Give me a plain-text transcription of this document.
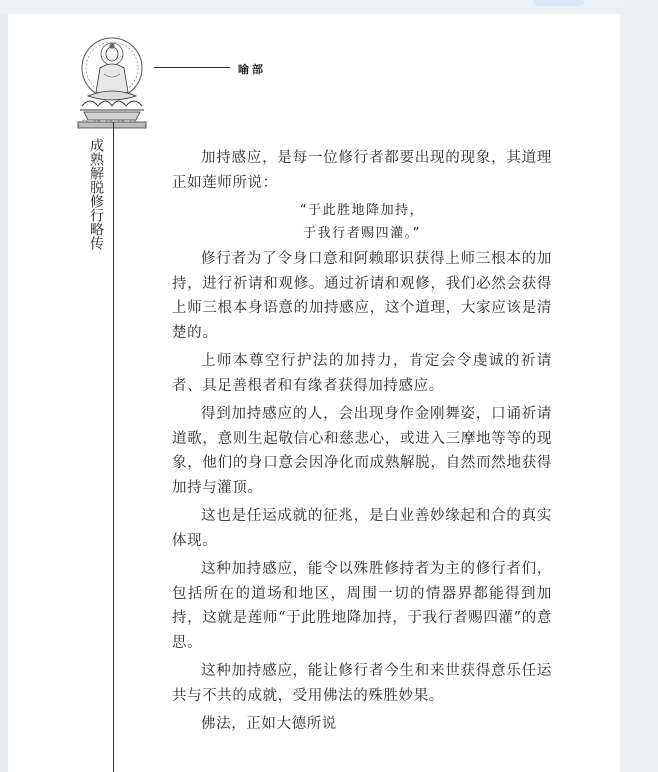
喻部
成熟解脱修行略传	加持感应，是每一位修行者都要出现的现象，其道理正如莲师所说：

“于此胜地降加持，

于我行者赐四灌。”

修行者为了令身口意和阿赖耶识获得上师三根本的加持，进行祈请和观修。通过祈请和观修，我们必然会获得上师三根本身语意的加持感应，这个道理，大家应该是清楚的。

上师本尊空行护法的加持力，肯定会令虔诚的祈请者、具足善根者和有缘者获得加持感应。

得到加持感应的人，会出现身作金刚舞姿，口诵祈请道歌，意则生起敬信心和慈悲心，或进入三摩地等等的现象，他们的身口意会因净化而成熟解脱，自然而然地获得加持与灌顶。

这也是任运成就的征兆，是白业善妙缘起和合的真实体现。

这种加持感应，能令以殊胜修持者为主的修行者们，包括所在的道场和地区，周围一切的情器界都能得到加持，这就是莲师“于此胜地降加持，于我行者赐四灌”的意思。

这种加持感应，能让修行者今生和来世获得意乐任运共与不共的成就，受用佛法的殊胜妙果。

佛法，正如大德所说
